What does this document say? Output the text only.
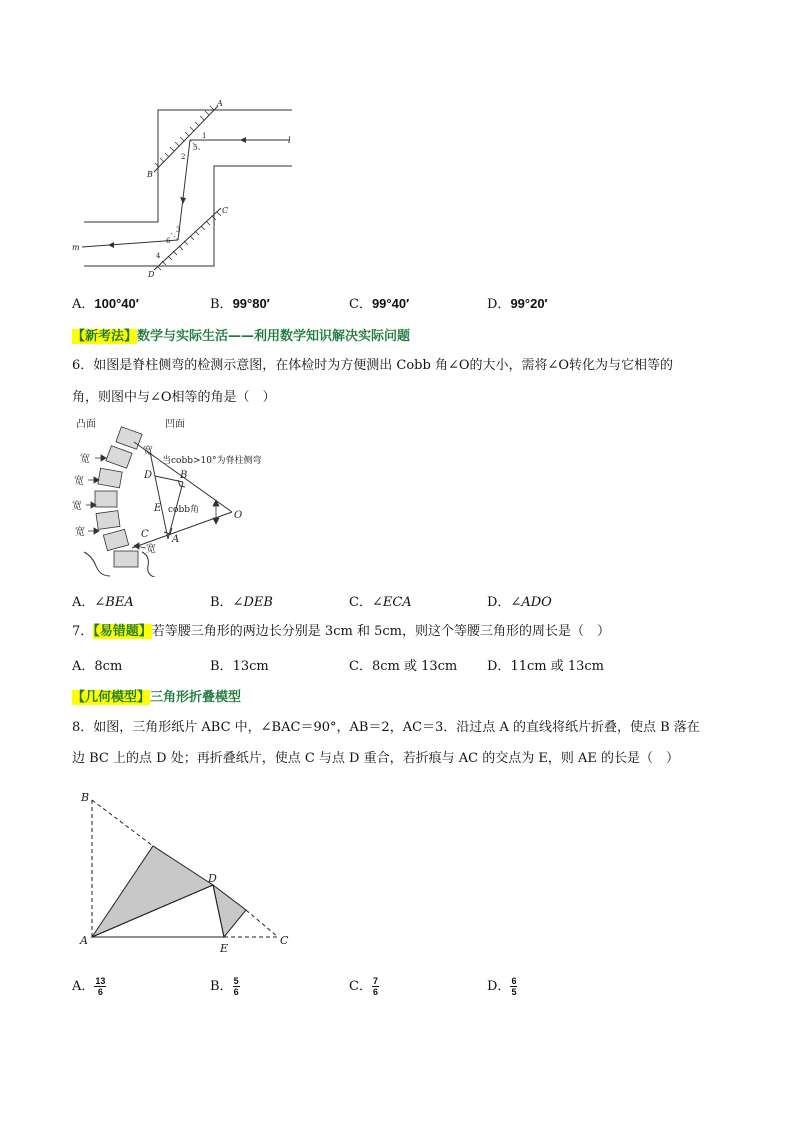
A
B
C
D
l
m
1
2
5
3
6
4
A．100°40′	B．99°80′	C．99°40′	D．99°20′
【新考法】数学与实际生活——利用数学知识解决实际问题
6．如图是脊柱侧弯的检测示意图，在体检时为方便测出 Cobb 角∠O的大小，需将∠O转化为与它相等的
角，则图中与∠O相等的角是（　）
凸面	凹面
当cobb>10°为脊柱侧弯
宽
宽
宽
宽
宽
宽
D	B
E
C A
O
cobb角
A．∠BEA	B．∠DEB	C．∠ECA	D．∠ADO
7．【易错题】若等腰三角形的两边长分别是 3cm 和 5cm，则这个等腰三角形的周长是（　）
A．8cm	B．13cm	C．8cm 或 13cm D．11cm 或 13cm
【几何模型】三角形折叠模型
8．如图，三角形纸片 ABC 中，∠BAC＝90°，AB＝2，AC＝3．沿过点 A 的直线将纸片折叠，使点 B 落在
边 BC 上的点 D 处；再折叠纸片，使点 C 与点 D 重合，若折痕与 AC 的交点为 E，则 AE 的长是（　）
B
D
A
E
C
A． $\frac{13}{6}$	B． $\frac{5}{6}$	C． $\frac{7}{6}$	D． $\frac{6}{5}$
